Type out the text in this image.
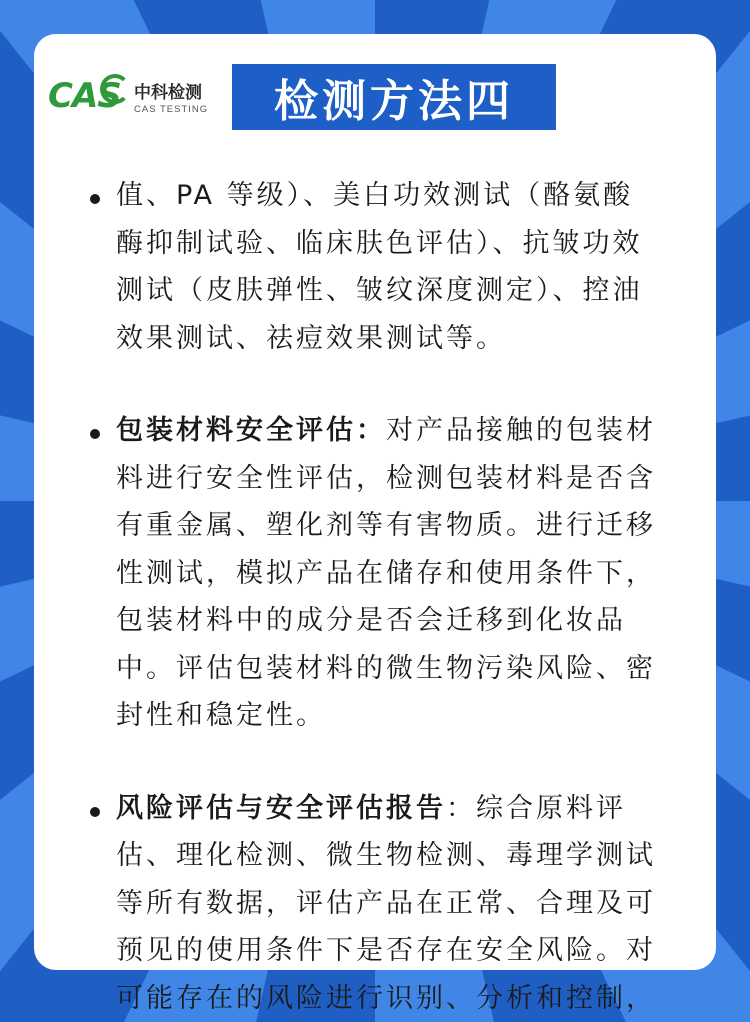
CAS 中科检测
CAS TESTING	检测方法四

值、PA 等级）、美白功效测试（酪氨酸
酶抑制试验、临床肤色评估）、抗皱功效
测试（皮肤弹性、皱纹深度测定）、控油
效果测试、祛痘效果测试等。

包装材料安全评估：对产品接触的包装材
料进行安全性评估，检测包装材料是否含
有重金属、塑化剂等有害物质。进行迁移
性测试，模拟产品在储存和使用条件下，
包装材料中的成分是否会迁移到化妆品
中。评估包装材料的微生物污染风险、密
封性和稳定性。

风险评估与安全评估报告：综合原料评
估、理化检测、微生物检测、毒理学测试
等所有数据，评估产品在正常、合理及可
预见的使用条件下是否存在安全风险。对
可能存在的风险进行识别、分析和控制，
